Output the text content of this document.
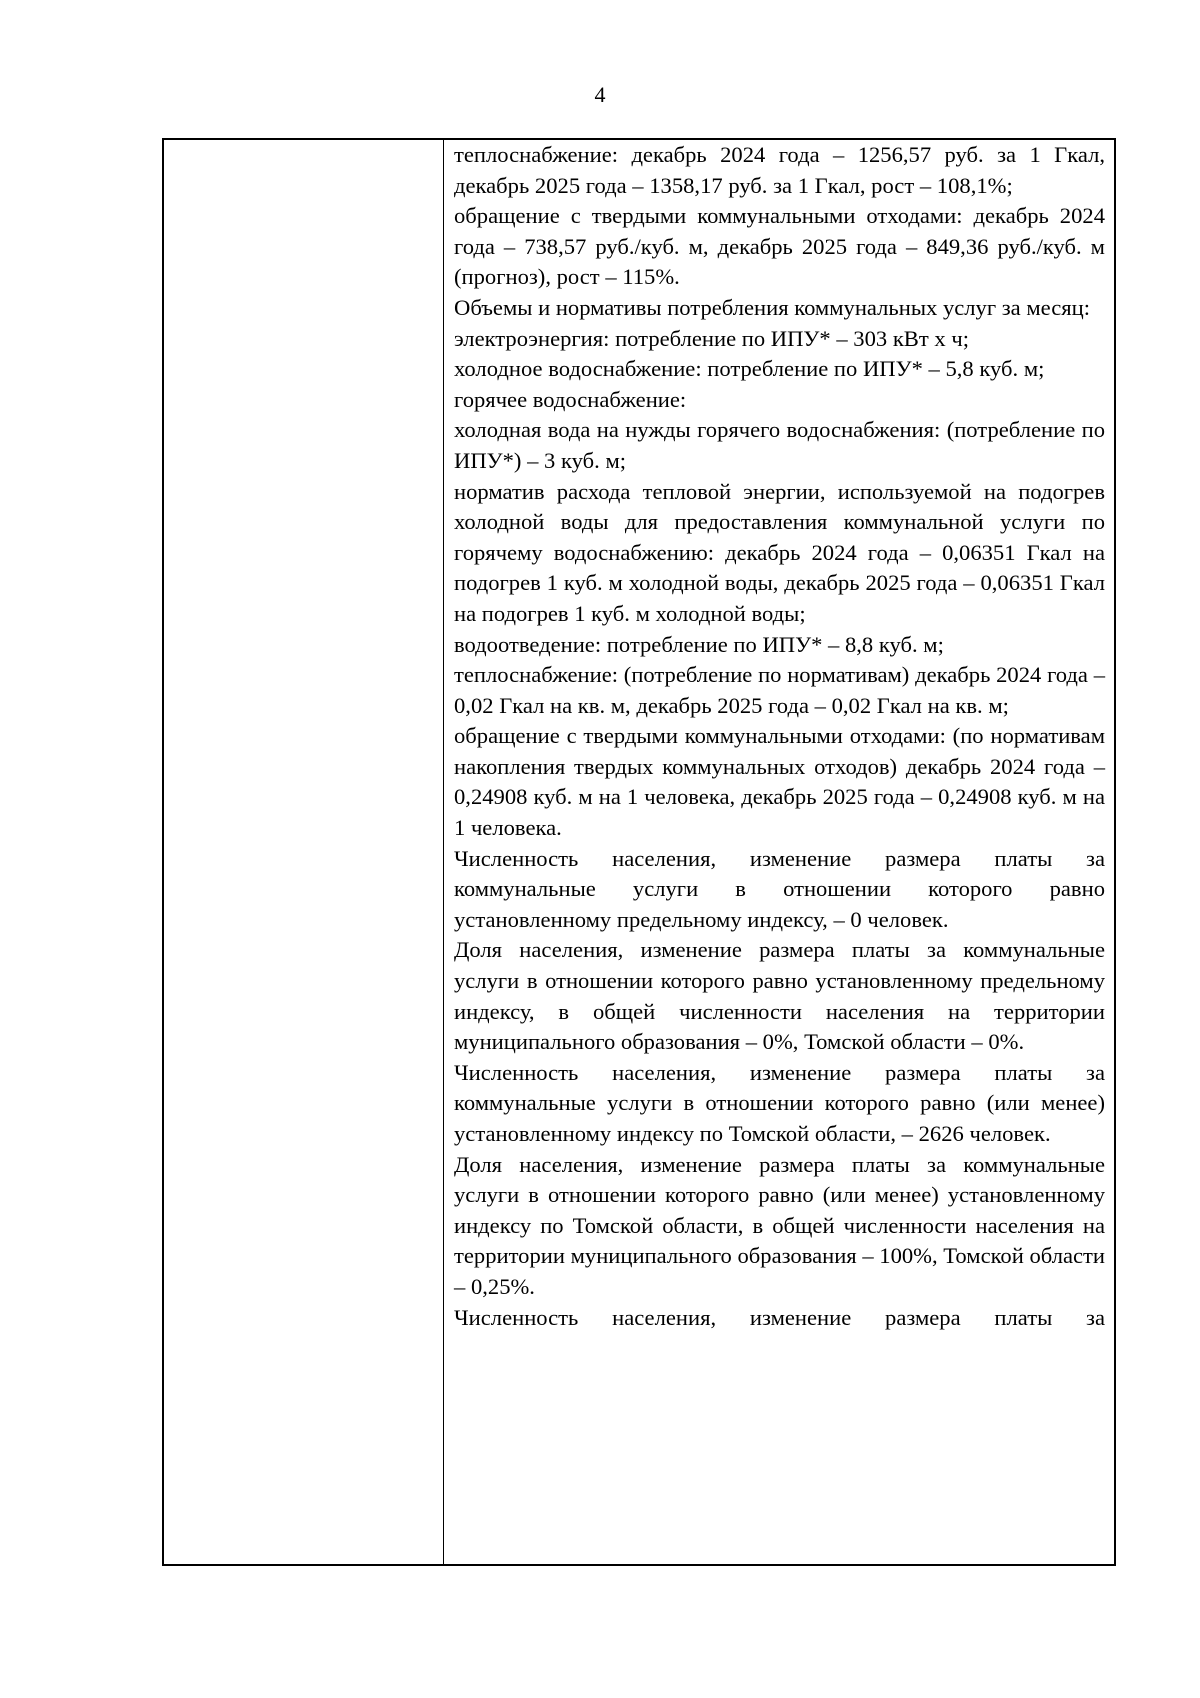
4

теплоснабжение: декабрь 2024 года – 1256,57 руб. за 1 Гкал, декабрь 2025 года – 1358,17 руб. за 1 Гкал, рост – 108,1%;

обращение с твердыми коммунальными отходами: декабрь 2024 года – 738,57 руб./куб. м, декабрь 2025 года – 849,36 руб./куб. м (прогноз), рост – 115%.

Объемы и нормативы потребления коммунальных услуг за месяц:

электроэнергия: потребление по ИПУ* – 303 кВт х ч;

холодное водоснабжение: потребление по ИПУ* – 5,8 куб. м;

горячее водоснабжение:

холодная вода на нужды горячего водоснабжения: (потребление по ИПУ*) – 3 куб. м;

норматив расхода тепловой энергии, используемой на подогрев холодной воды для предоставления коммунальной услуги по горячему водоснабжению: декабрь 2024 года – 0,06351 Гкал на подогрев 1 куб. м холодной воды, декабрь 2025 года – 0,06351 Гкал на подогрев 1 куб. м холодной воды;

водоотведение: потребление по ИПУ* – 8,8 куб. м;

теплоснабжение: (потребление по нормативам) декабрь 2024 года – 0,02 Гкал на кв. м, декабрь 2025 года – 0,02 Гкал на кв. м;

обращение с твердыми коммунальными отходами: (по нормативам накопления твердых коммунальных отходов) декабрь 2024 года – 0,24908 куб. м на 1 человека, декабрь 2025 года – 0,24908 куб. м на 1 человека.

Численность населения, изменение размера платы за коммунальные услуги в отношении которого равно установленному предельному индексу, – 0 человек.

Доля населения, изменение размера платы за коммунальные услуги в отношении которого равно установленному предельному индексу, в общей численности населения на территории муниципального образования – 0%, Томской области – 0%.

Численность населения, изменение размера платы за коммунальные услуги в отношении которого равно (или менее) установленному индексу по Томской области, – 2626 человек.

Доля населения, изменение размера платы за коммунальные услуги в отношении которого равно (или менее) установленному индексу по Томской области, в общей численности населения на территории муниципального образования – 100%, Томской области – 0,25%.

Численность населения, изменение размера платы за
